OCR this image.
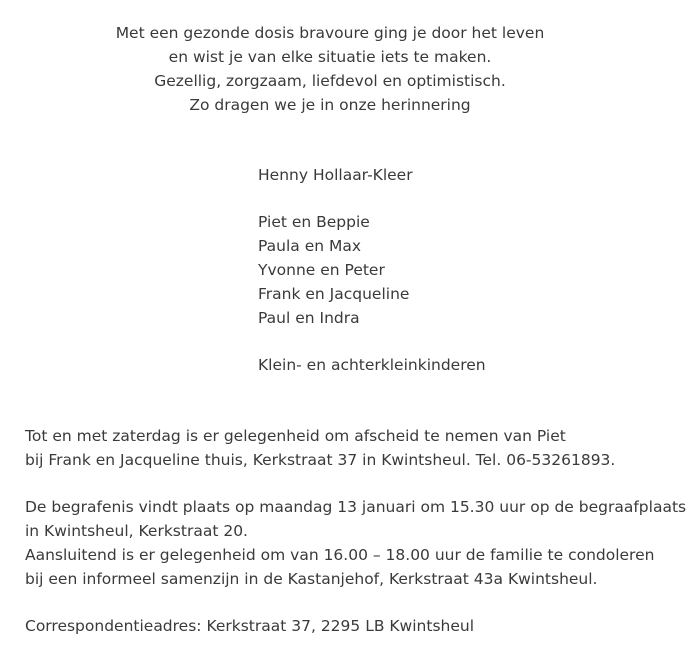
Met een gezonde dosis bravoure ging je door het leven
en wist je van elke situatie iets te maken.
Gezellig, zorgzaam, liefdevol en optimistisch.
Zo dragen we je in onze herinnering
Henny Hollaar-Kleer
Piet en Beppie
Paula en Max
Yvonne en Peter
Frank en Jacqueline
Paul en Indra
Klein- en achterkleinkinderen
Tot en met zaterdag is er gelegenheid om afscheid te nemen van Piet
bij Frank en Jacqueline thuis, Kerkstraat 37 in Kwintsheul. Tel. 06-53261893.
De begrafenis vindt plaats op maandag 13 januari om 15.30 uur op de begraafplaats
in Kwintsheul, Kerkstraat 20.
Aansluitend is er gelegenheid om van 16.00 – 18.00 uur de familie te condoleren
bij een informeel samenzijn in de Kastanjehof, Kerkstraat 43a Kwintsheul.
Correspondentieadres: Kerkstraat 37, 2295 LB Kwintsheul
